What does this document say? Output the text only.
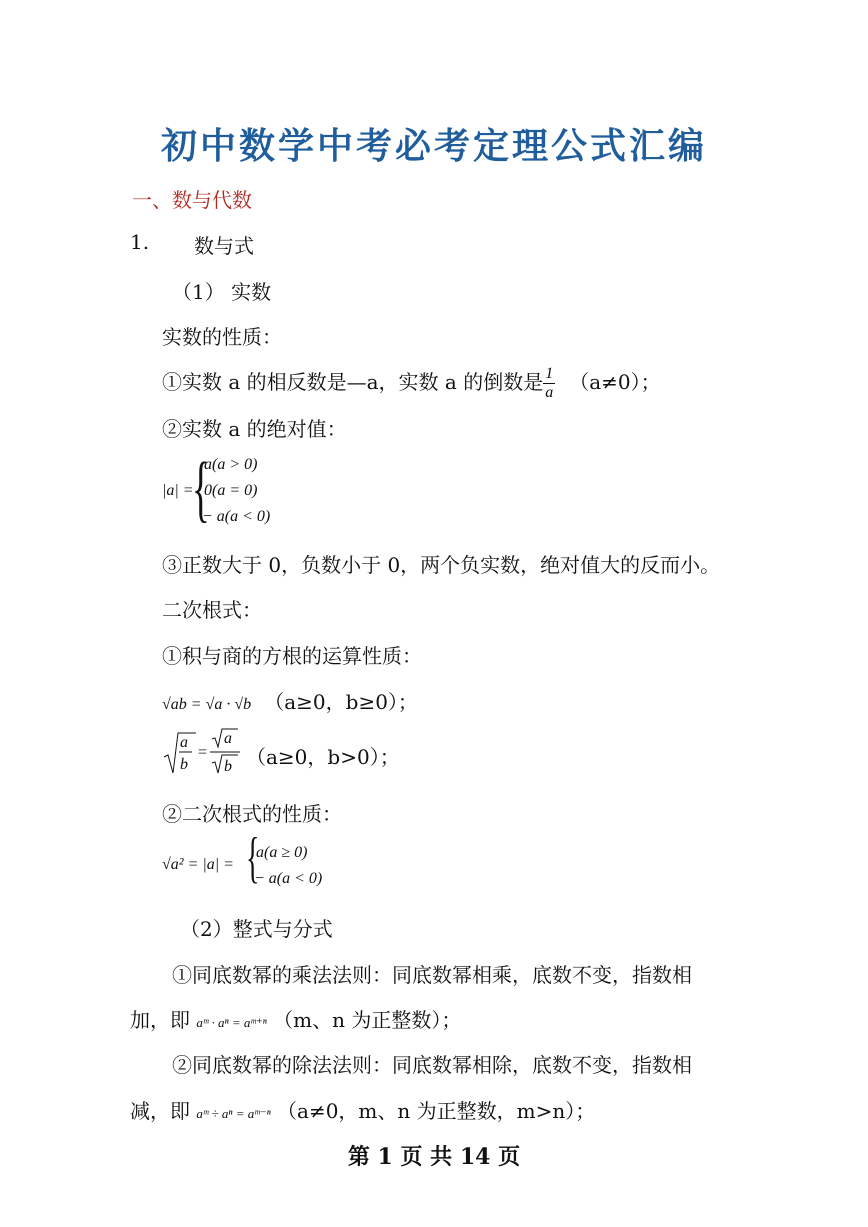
初中数学中考必考定理公式汇编
一、数与代数
1. 数与式
（1） 实数
实数的性质：
①实数 a 的相反数是—a，实数 a 的倒数是 $\frac{1}{a} (a\ne 0)$；
②实数 a 的绝对值：
|a| =
{
a(a > 0)
0(a = 0)
− a(a < 0)
③正数大于 0，负数小于 0，两个负实数，绝对值大的反而小。
二次根式：
①积与商的方根的运算性质：
√ab = √a · √b （a≥0，b≥0）；
a
b
=
a
b （a≥0，b>0）；
②二次根式的性质：
√a² = |a| = {
a(a ≥ 0)
− a(a < 0)
（2）整式与分式
①同底数幂的乘法法则：同底数幂相乘，底数不变，指数相
加，即 aᵐ · aⁿ = aᵐ⁺ⁿ （m、n 为正整数）；
②同底数幂的除法法则：同底数幂相除，底数不变，指数相
减，即 aᵐ ÷ aⁿ = aᵐ⁻ⁿ （a≠0，m、n 为正整数，m>n）；
第 1 页 共 14 页
